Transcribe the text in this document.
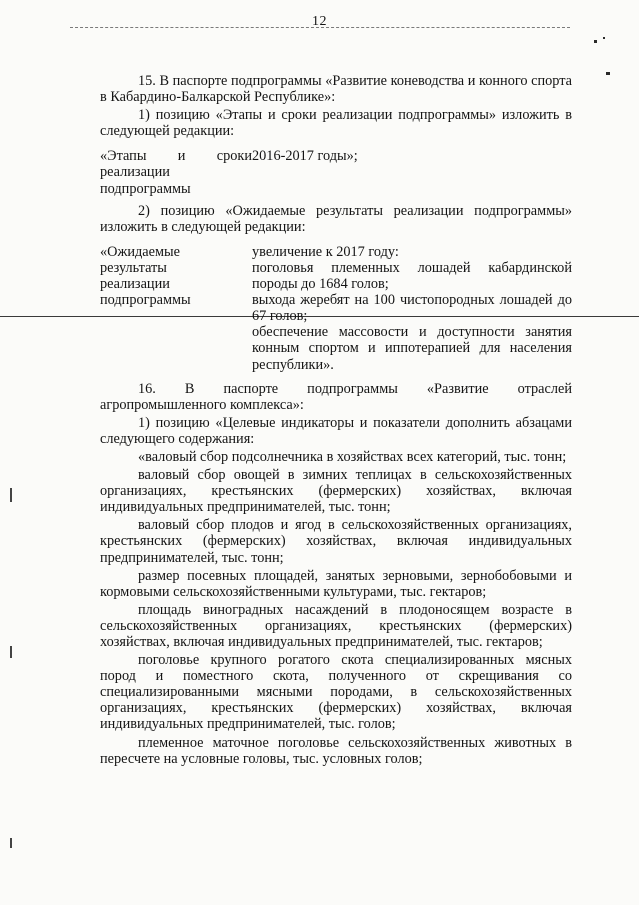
12

15. В паспорте подпрограммы «Развитие коневодства и конного спорта в Кабардино-Балкарской Республике»:

1) позицию «Этапы и сроки реализации подпрограммы» изложить в следующей редакции:

«Этапы и сроки
реализации
подпрограммы
2016-2017 годы»;

2) позицию «Ожидаемые результаты реализации подпрограммы» изложить в следующей редакции:

«Ожидаемые
результаты
реализации
подпрограммы

увеличение к 2017 году:

поголовья племенных лошадей кабардинской породы до 1684 голов;

выхода жеребят на 100 чистопородных лошадей до 67 голов;

обеспечение массовости и доступности занятия конным спортом и иппотерапией для населения республики».

16. В паспорте подпрограммы «Развитие отраслей агропромышленного комплекса»:

1) позицию «Целевые индикаторы и показатели дополнить абзацами следующего содержания:

«валовый сбор подсолнечника в хозяйствах всех категорий, тыс. тонн;

валовый сбор овощей в зимних теплицах в сельскохозяйственных организациях, крестьянских (фермерских) хозяйствах, включая индивидуальных предпринимателей, тыс. тонн;

валовый сбор плодов и ягод в сельскохозяйственных организациях, крестьянских (фермерских) хозяйствах, включая индивидуальных предпринимателей, тыс. тонн;

размер посевных площадей, занятых зерновыми, зернобобовыми и кормовыми сельскохозяйственными культурами, тыс. гектаров;

площадь виноградных насаждений в плодоносящем возрасте в сельскохозяйственных организациях, крестьянских (фермерских) хозяйствах, включая индивидуальных предпринимателей, тыс. гектаров;

поголовье крупного рогатого скота специализированных мясных пород и поместного скота, полученного от скрещивания со специализированными мясными породами, в сельскохозяйственных организациях, крестьянских (фермерских) хозяйствах, включая индивидуальных предпринимателей, тыс. голов;

племенное маточное поголовье сельскохозяйственных животных в пересчете на условные головы, тыс. условных голов;
